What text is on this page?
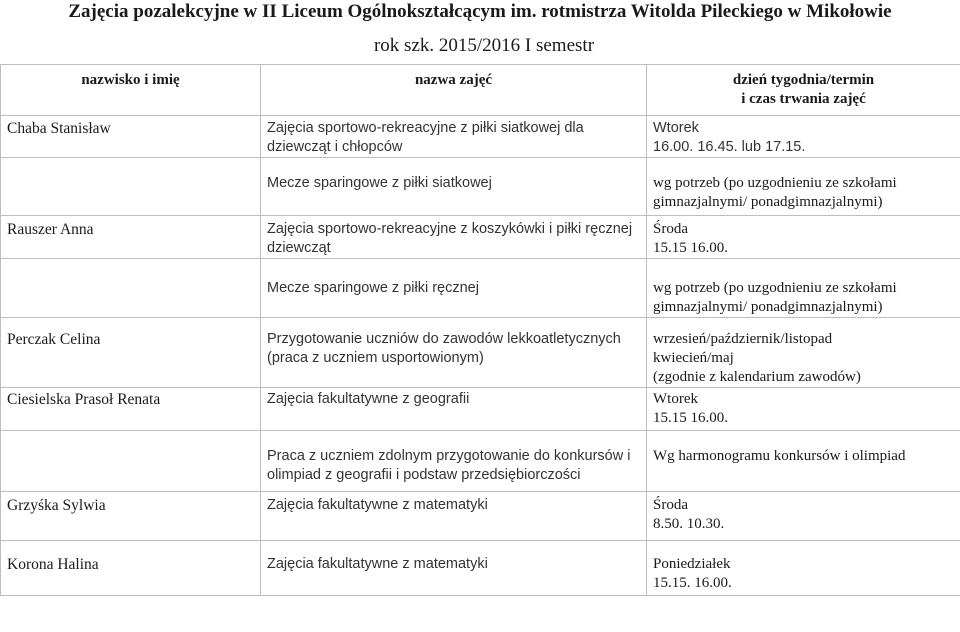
Zajęcia pozalekcyjne w II Liceum Ogólnokształcącym im. rotmistrza Witolda Pileckiego w Mikołowie
rok szk. 2015/2016 I semestr
nazwisko i imię	nazwa zajęć	dzień tygodnia/termin
i czas trwania zajęć
Chaba Stanisław	Zajęcia sportowo-rekreacyjne z piłki siatkowej dla dziewcząt i chłopców	Wtorek
16.00. 16.45. lub 17.15.
	Mecze sparingowe z piłki siatkowej	wg potrzeb (po uzgodnieniu ze szkołami gimnazjalnymi/ ponadgimnazjalnymi)
Rauszer Anna	Zajęcia sportowo-rekreacyjne z koszykówki i piłki ręcznej dziewcząt	Środa
15.15 16.00.
	Mecze sparingowe z piłki ręcznej	wg potrzeb (po uzgodnieniu ze szkołami gimnazjalnymi/ ponadgimnazjalnymi)
Perczak Celina	Przygotowanie uczniów do zawodów lekkoatletycznych (praca z uczniem usportowionym)	wrzesień/październik/listopad
kwiecień/maj
(zgodnie z kalendarium zawodów)
Ciesielska Prasoł Renata	Zajęcia fakultatywne z geografii	Wtorek
15.15 16.00.
	Praca z uczniem zdolnym przygotowanie do konkursów i olimpiad z geografii i podstaw przedsiębiorczości	Wg harmonogramu konkursów i olimpiad
Grzyśka Sylwia	Zajęcia fakultatywne z matematyki	Środa
8.50. 10.30.
Korona Halina	Zajęcia fakultatywne z matematyki	Poniedziałek
15.15. 16.00.
